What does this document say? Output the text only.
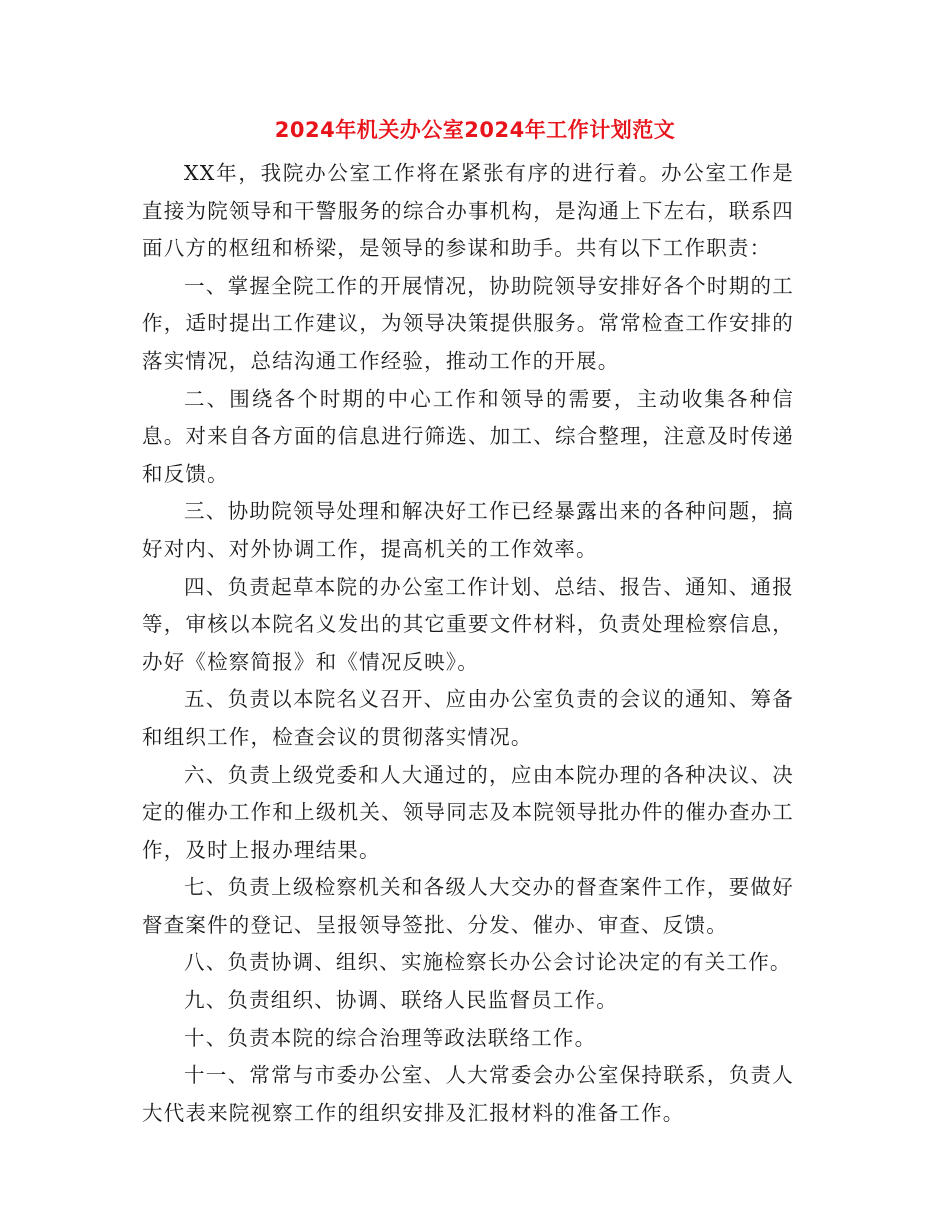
2024年机关办公室2024年工作计划范文

XX年，我院办公室工作将在紧张有序的进行着。办公室工作是直接为院领导和干警服务的综合办事机构，是沟通上下左右，联系四面八方的枢纽和桥梁，是领导的参谋和助手。共有以下工作职责：

一、掌握全院工作的开展情况，协助院领导安排好各个时期的工作，适时提出工作建议，为领导决策提供服务。常常检查工作安排的落实情况，总结沟通工作经验，推动工作的开展。

二、围绕各个时期的中心工作和领导的需要，主动收集各种信息。对来自各方面的信息进行筛选、加工、综合整理，注意及时传递和反馈。

三、协助院领导处理和解决好工作已经暴露出来的各种问题，搞好对内、对外协调工作，提高机关的工作效率。

四、负责起草本院的办公室工作计划、总结、报告、通知、通报等，审核以本院名义发出的其它重要文件材料，负责处理检察信息，办好《检察简报》和《情况反映》。

五、负责以本院名义召开、应由办公室负责的会议的通知、筹备和组织工作，检查会议的贯彻落实情况。

六、负责上级党委和人大通过的，应由本院办理的各种决议、决定的催办工作和上级机关、领导同志及本院领导批办件的催办查办工作，及时上报办理结果。

七、负责上级检察机关和各级人大交办的督查案件工作，要做好督查案件的登记、呈报领导签批、分发、催办、审查、反馈。

八、负责协调、组织、实施检察长办公会讨论决定的有关工作。

九、负责组织、协调、联络人民监督员工作。

十、负责本院的综合治理等政法联络工作。

十一、常常与市委办公室、人大常委会办公室保持联系，负责人大代表来院视察工作的组织安排及汇报材料的准备工作。
